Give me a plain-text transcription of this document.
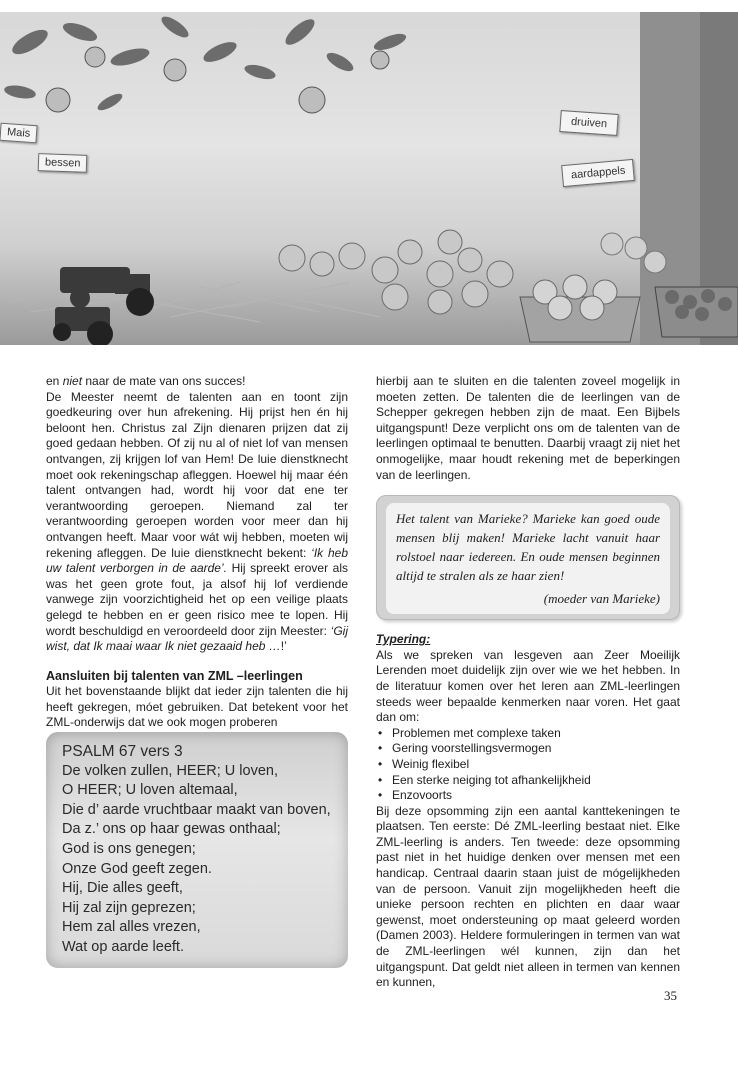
Mais
bessen
druiven
aardappels

en niet naar de mate van ons succes!

De Meester neemt de talenten aan en toont zijn goedkeuring over hun afrekening. Hij prijst hen én hij beloont hen. Christus zal Zijn dienaren prijzen dat zij goed gedaan hebben. Of zij nu al of niet lof van mensen ontvangen, zij krijgen lof van Hem! De luie dienstknecht moet ook rekeningschap afleggen. Hoewel hij maar één talent ontvangen had, wordt hij voor dat ene ter verantwoording geroepen. Niemand zal ter verantwoording geroepen worden voor meer dan hij ontvangen heeft. Maar voor wát wij hebben, moeten wij rekening afleggen. De luie dienstknecht bekent: ‘Ik heb uw talent verborgen in de aarde’. Hij spreekt erover als was het geen grote fout, ja alsof hij lof verdiende vanwege zijn voorzichtigheid het op een veilige plaats gelegd te hebben en er geen risico mee te lopen. Hij wordt beschuldigd en veroordeeld door zijn Meester: ‘Gij wist, dat Ik maai waar Ik niet gezaaid heb …!’

Aansluiten bij talenten van ZML –leerlingen

Uit het bovenstaande blijkt dat ieder zijn talenten die hij heeft gekregen, móet gebruiken. Dat betekent voor het ZML-onderwijs dat we ook mogen proberen

PSALM 67 vers 3
De volken zullen, HEER; U loven,
O HEER; U loven altemaal,
Die d’ aarde vruchtbaar maakt van boven,
Da z.’ ons op haar gewas onthaal;
God is ons genegen;
Onze God geeft zegen.
Hij, Die alles geeft,
Hij zal zijn geprezen;
Hem zal alles vrezen,
Wat op aarde leeft.

hierbij aan te sluiten en die talenten zoveel mogelijk in moeten zetten. De talenten die de leerlingen van de Schepper gekregen hebben zijn de maat. Een Bijbels uitgangspunt! Deze verplicht ons om de talenten van de leerlingen optimaal te benutten. Daarbij vraagt zij niet het onmogelijke, maar houdt rekening met de beperkingen van de leerlingen.

Het talent van Marieke? Marieke kan goed oude mensen blij maken! Marieke lacht vanuit haar rolstoel naar iedereen. En oude mensen beginnen altijd te stralen als ze haar zien!
(moeder van Marieke)

Typering:

Als we spreken van lesgeven aan Zeer Moeilijk Lerenden moet duidelijk zijn over wie we het hebben. In de literatuur komen over het leren aan ZML-leerlingen steeds weer bepaalde kenmerken naar voren. Het gaat dan om:

• Problemen met complexe taken
• Gering voorstellingsvermogen
• Weinig flexibel
• Een sterke neiging tot afhankelijkheid
• Enzovoorts

Bij deze opsomming zijn een aantal kanttekeningen te plaatsen. Ten eerste: Dé ZML-leerling bestaat niet. Elke ZML-leerling is anders. Ten tweede: deze opsomming past niet in het huidige denken over mensen met een handicap. Centraal daarin staan juist de mógelijkheden van de persoon. Vanuit zijn mogelijkheden heeft die unieke persoon rechten en plichten en daar waar gewenst, moet ondersteuning op maat geleerd worden (Damen 2003). Heldere formuleringen in termen van wat de ZML-leerlingen wél kunnen, zijn dan het uitgangspunt. Dat geldt niet alleen in termen van kennen en kunnen,

35
